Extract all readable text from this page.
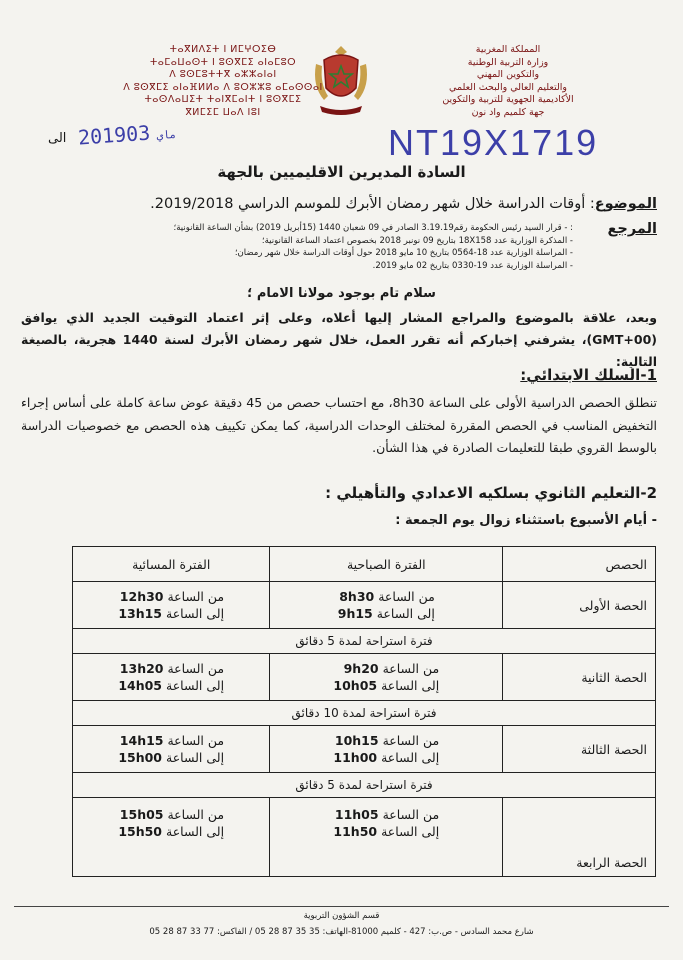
المملكة المغربية
وزارة التربية الوطنية
والتكوين المهني
والتعليم العالي والبحث العلمي
الأكاديمية الجهوية للتربية والتكوين
جهة كلميم واد نون
ⵜⴰⴳⵍⴷⵉⵜ ⵏ ⵍⵎⵖⵔⵉⴱ
ⵜⴰⵎⴰⵡⴰⵙⵜ ⵏ ⵓⵙⴳⵎⵉ ⴰⵏⴰⵎⵓⵔ
ⴷ ⵓⵙⵎⵓⵜⵜⴳ ⴰⵣⵣⴰⵏⴰⵏ
ⴷ ⵓⵙⴳⵎⵉ ⴰⵏⴰⴼⵍⵍⴰ ⴷ ⵓⵔⵣⵣⵓ ⴰⵎⴰⵙⵙⴰⵏ
ⵜⴰⵙⴷⴰⵡⵉⵜ ⵜⴰⵏⴳⵎⴰⵏⵜ ⵏ ⵓⵙⴳⵎⵉ
ⴳⵍⵎⵉⵎ ⵡⴰⴷ ⵏⵓⵏ
2019	ماي03
الى	NT19X1719
السادة المديرين الاقليميين بالجهة
الموضوع: أوقات الدراسة خلال شهر رمضان الأبرك للموسم الدراسي 2019/2018.
المرجع
: - قرار السيد رئيس الحكومة رقم3.19.19 الصادر في 09 شعبان 1440 (15أبريل 2019) بشأن الساعة القانونية؛
- المذكرة الوزارية عدد 18X158 بتاريخ 09 نونبر 2018 بخصوص اعتماد الساعة القانونية؛
- المراسلة الوزارية عدد 18-0564 بتاريخ 10 مايو 2018 حول أوقات الدراسة خلال شهر رمضان؛
- المراسلة الوزارية عدد 19-0330 بتاريخ 02 مايو 2019.
سلام تام بوجود مولانا الامام ؛
وبعد، علاقة بالموضوع والمراجع المشار إليها أعلاه، وعلى إثر اعتماد التوقيت الجديد الذي يوافق (GMT+00)، يشرفني إخباركم أنه تقرر العمل، خلال شهر رمضان الأبرك لسنة 1440 هجرية، بالصيغة التالية:
1-السلك الابتدائي:
تنطلق الحصص الدراسية الأولى على الساعة 8h30، مع احتساب حصص من 45 دقيقة عوض ساعة كاملة على أساس إجراء التخفيض المناسب في الحصص المقررة لمختلف الوحدات الدراسية، كما يمكن تكييف هذه الحصص مع خصوصيات الدراسة بالوسط القروي طبقا للتعليمات الصادرة في هذا الشأن.
2-التعليم الثانوي بسلكيه الاعدادي والتأهيلي :
- أيام الأسبوع باستثناء زوال يوم الجمعة :
الحصص	الفترة الصباحية	الفترة المسائية
الحصة الأولى	من الساعة 8h30
إلى الساعة 9h15	من الساعة 12h30
إلى الساعة 13h15

فترة استراحة لمدة 5 دقائق		
الحصة الثانية	من الساعة 9h20
إلى الساعة 10h05	من الساعة 13h20
إلى الساعة 14h05

فترة استراحة لمدة 10 دقائق		
الحصة الثالثة	من الساعة 10h15
إلى الساعة 11h00	من الساعة 14h15
إلى الساعة 15h00

فترة استراحة لمدة 5 دقائق		
الحصة الرابعة	من الساعة 11h05
إلى الساعة 11h50	من الساعة 15h05
إلى الساعة 15h50
قسم الشؤون التربوية
شارع محمد السادس - ص.ب: 427 - كلميم 81000-الهاتف: 35 35 87 28 05 / الفاكس: 77 33 87 28 05
